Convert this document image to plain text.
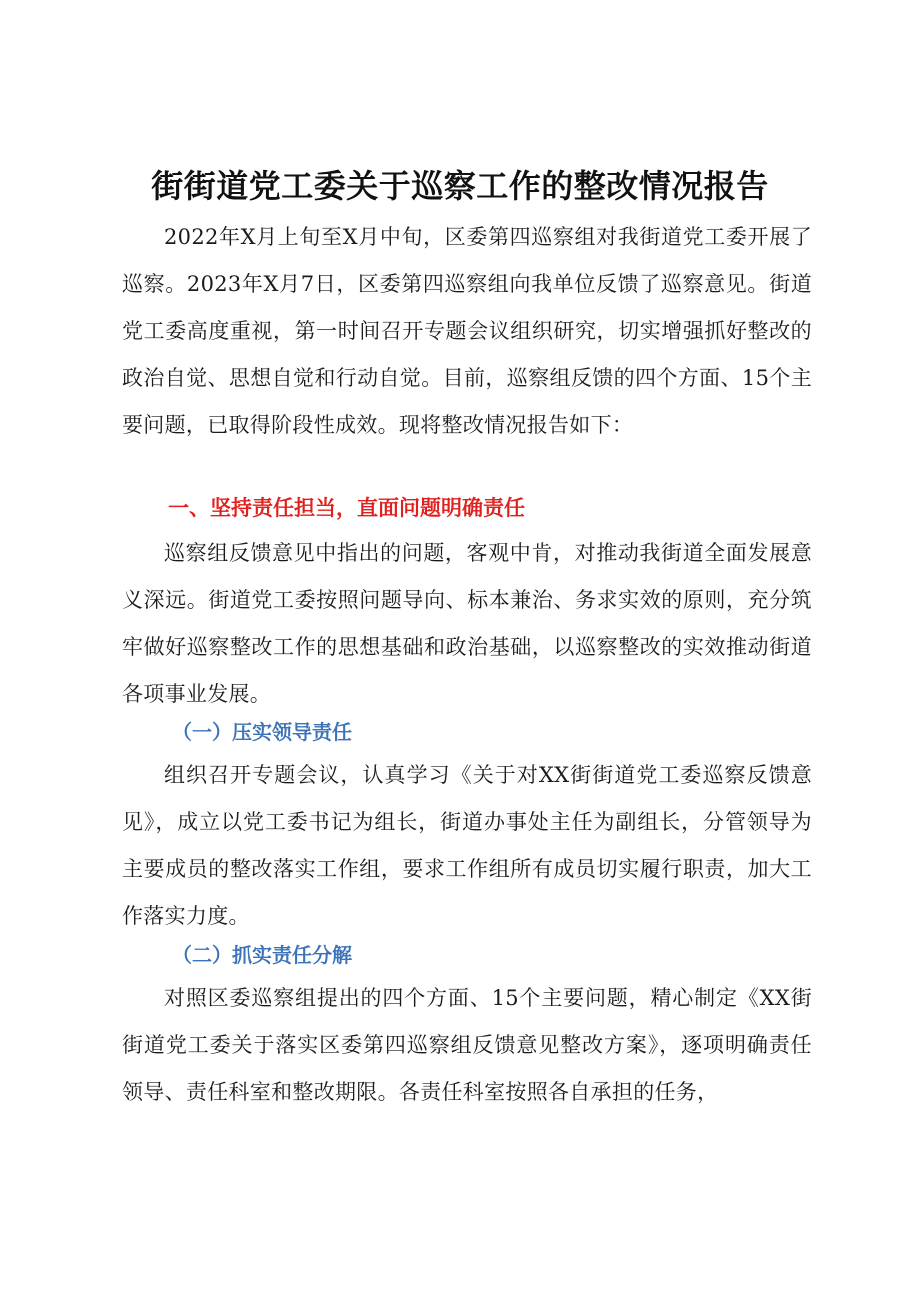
街街道党工委关于巡察工作的整改情况报告

2022年X月上旬至X月中旬，区委第四巡察组对我街道党工委开展了巡察。2023年X月7日，区委第四巡察组向我单位反馈了巡察意见。街道党工委高度重视，第一时间召开专题会议组织研究，切实增强抓好整改的政治自觉、思想自觉和行动自觉。目前，巡察组反馈的四个方面、15个主要问题，已取得阶段性成效。现将整改情况报告如下：

一、坚持责任担当，直面问题明确责任

巡察组反馈意见中指出的问题，客观中肯，对推动我街道全面发展意义深远。街道党工委按照问题导向、标本兼治、务求实效的原则，充分筑牢做好巡察整改工作的思想基础和政治基础，以巡察整改的实效推动街道各项事业发展。

（一）压实领导责任

组织召开专题会议，认真学习《关于对XX街街道党工委巡察反馈意见》，成立以党工委书记为组长，街道办事处主任为副组长，分管领导为主要成员的整改落实工作组，要求工作组所有成员切实履行职责，加大工作落实力度。

（二）抓实责任分解

对照区委巡察组提出的四个方面、15个主要问题，精心制定《XX街街道党工委关于落实区委第四巡察组反馈意见整改方案》，逐项明确责任领导、责任科室和整改期限。各责任科室按照各自承担的任务，
